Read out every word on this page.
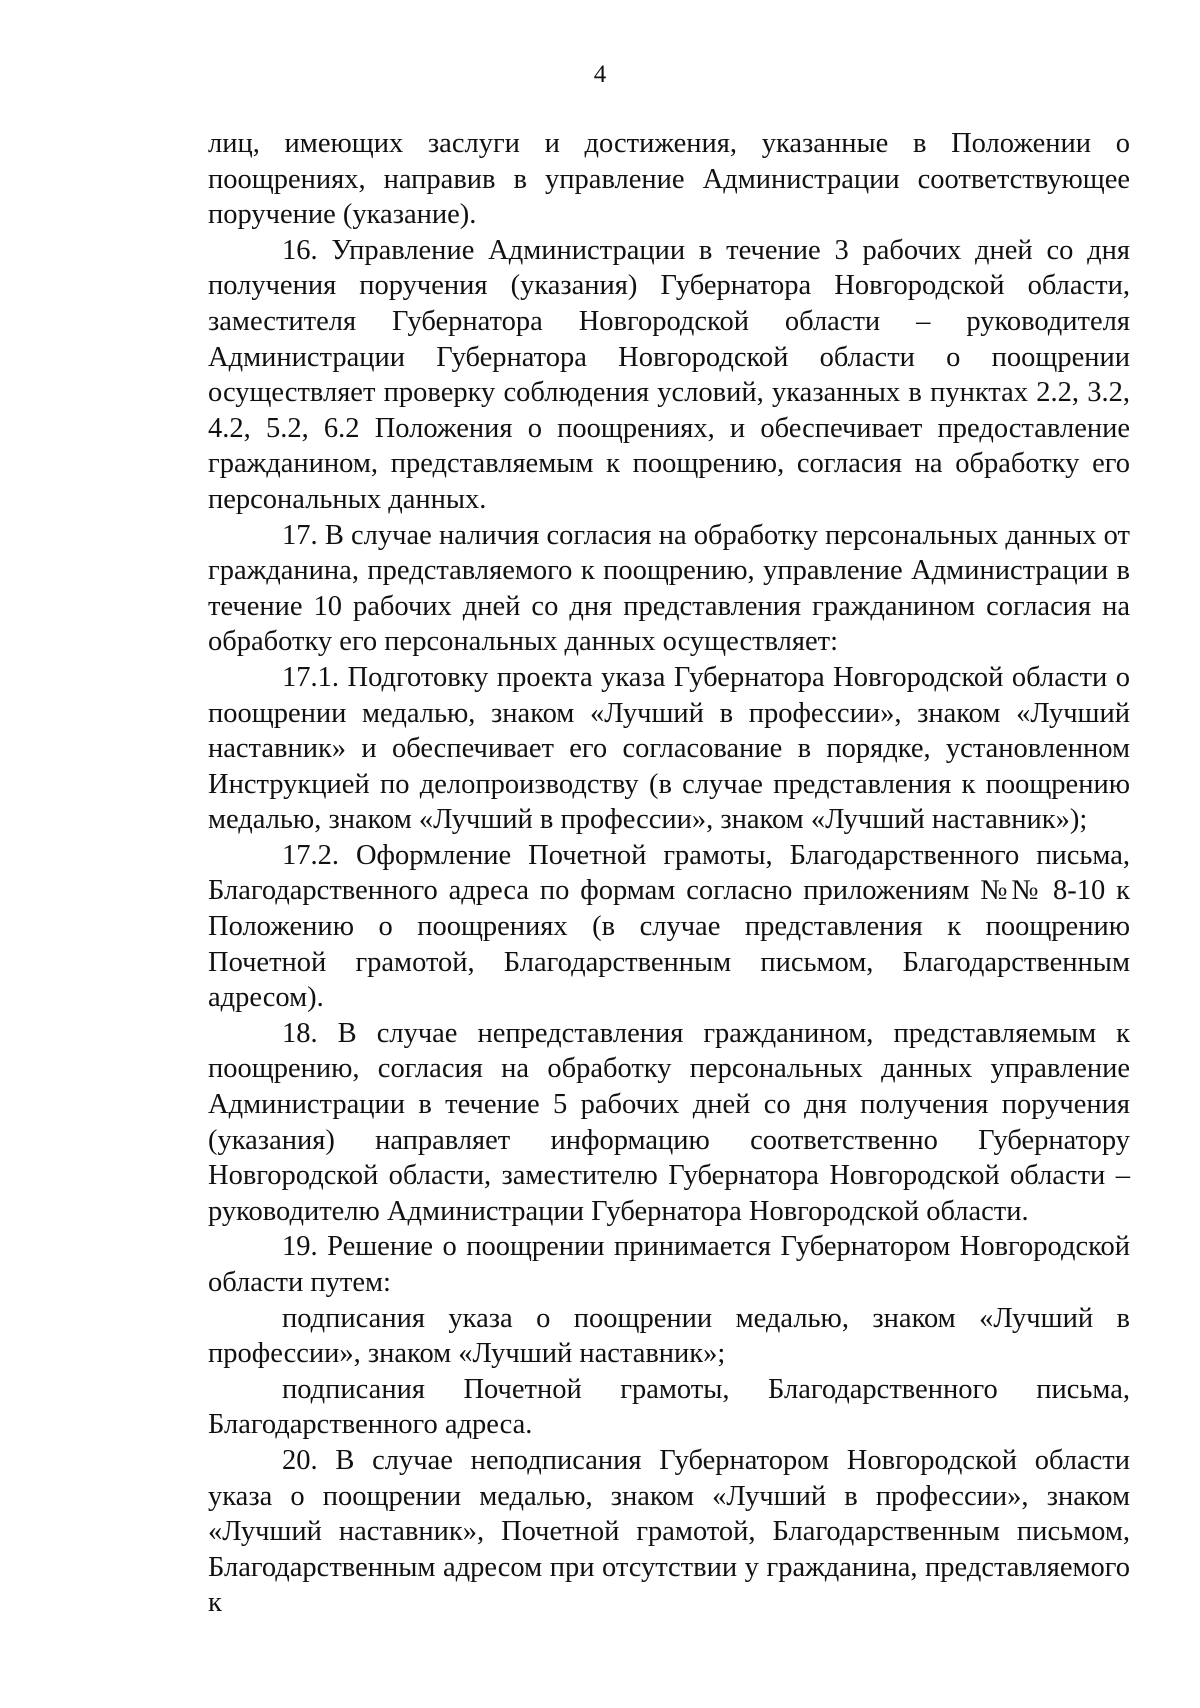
4

лиц, имеющих заслуги и достижения, указанные в Положении о поощрениях, направив в управление Администрации соответствующее поручение (указание).

16. Управление Администрации в течение 3 рабочих дней со дня получения поручения (указания) Губернатора Новгородской области, заместителя Губернатора Новгородской области – руководителя Администрации Губернатора Новгородской области о поощрении осуществляет проверку соблюдения условий, указанных в пунктах 2.2, 3.2, 4.2, 5.2, 6.2 Положения о поощрениях, и обеспечивает предоставление гражданином, представляемым к поощрению, согласия на обработку его персональных данных.

17. В случае наличия согласия на обработку персональных данных от гражданина, представляемого к поощрению, управление Администрации в течение 10 рабочих дней со дня представления гражданином согласия на обработку его персональных данных осуществляет:

17.1. Подготовку проекта указа Губернатора Новгородской области о поощрении медалью, знаком «Лучший в профессии», знаком «Лучший наставник» и обеспечивает его согласование в порядке, установленном Инструкцией по делопроизводству (в случае представления к поощрению медалью, знаком «Лучший в профессии», знаком «Лучший наставник»);

17.2. Оформление Почетной грамоты, Благодарственного письма, Благодарственного адреса по формам согласно приложениям №№ 8-10 к Положению о поощрениях (в случае представления к поощрению Почетной грамотой, Благодарственным письмом, Благодарственным адресом).

18. В случае непредставления гражданином, представляемым к поощрению, согласия на обработку персональных данных управление Администрации в течение 5 рабочих дней со дня получения поручения (указания) направляет информацию соответственно Губернатору Новгородской области, заместителю Губернатора Новгородской области – руководителю Администрации Губернатора Новгородской области.

19. Решение о поощрении принимается Губернатором Новгородской области путем:

подписания указа о поощрении медалью, знаком «Лучший в профессии», знаком «Лучший наставник»;

подписания Почетной грамоты, Благодарственного письма, Благодарственного адреса.

20. В случае неподписания Губернатором Новгородской области указа о поощрении медалью, знаком «Лучший в профессии», знаком «Лучший наставник», Почетной грамотой, Благодарственным письмом, Благодарственным адресом при отсутствии у гражданина, представляемого к
